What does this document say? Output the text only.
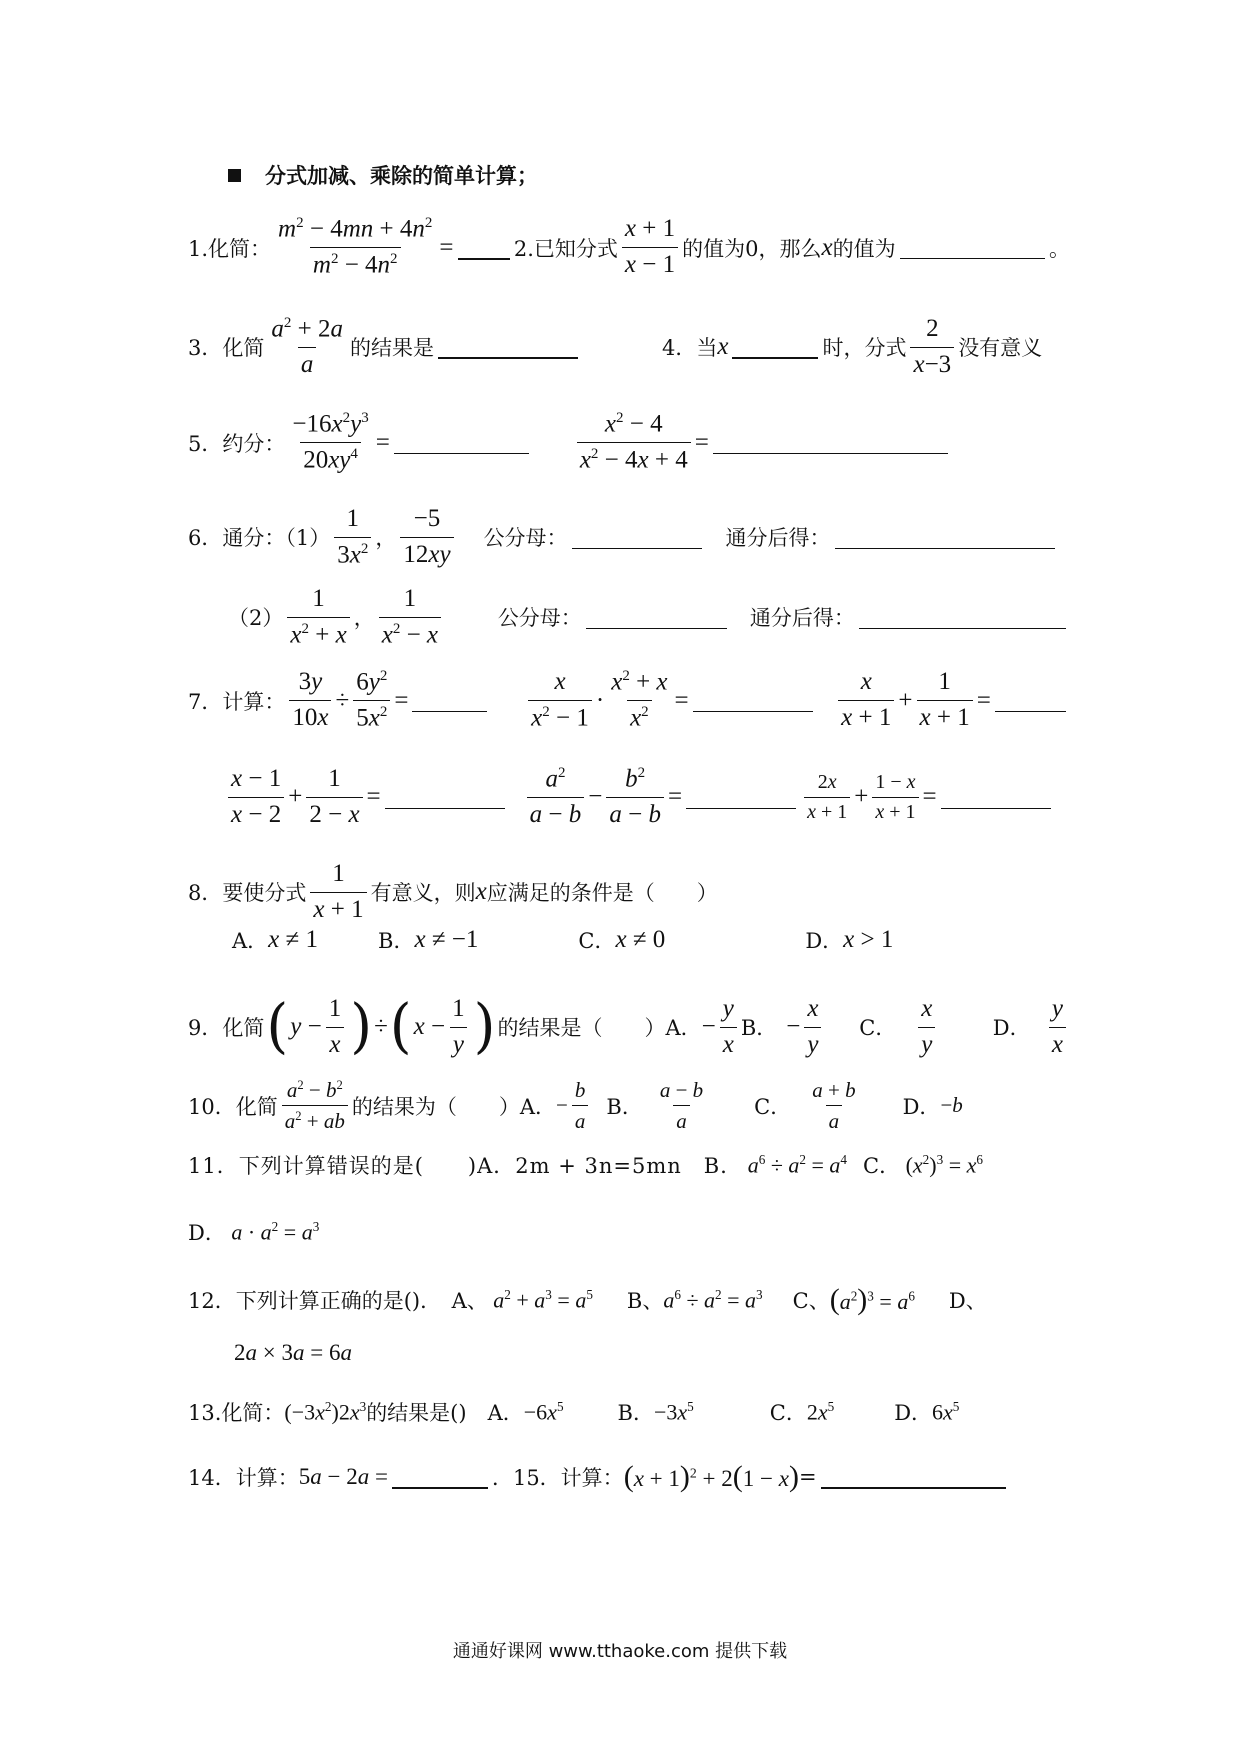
分式加减、乘除的简单计算；
1.化简： $\frac{m^2 - 4mn + 4n^2}{m^2 - 4n^2}$ =	2.已知分式 $\frac{x + 1}{x - 1}$ 的值为0，那么 x 的值为	。
3．化简 $\frac{a^2 + 2a}{a}$ 的结果是	4．当 x	时，分式 $\frac{2}{x-3}$ 没有意义
5．约分： $\frac{-16x^2y^3}{20xy^4}$ =	$\frac{x^2 - 4}{x^2 - 4x + 4}$ =
6．通分：$(1) \frac{1}{3x^2}$ ， $\frac{-5}{12xy}$ 公分母：	通分后得：
$(2) \frac{1}{x^2 + x}$ ， $\frac{1}{x^2 - x}$	公分母：	通分后得：
7．计算： $\frac{3y}{10x} \div \frac{6y^2}{5x^2}$ =	$\frac{x}{x^2 - 1} \cdot \frac{x^2 + x}{x^2}$ =	$\frac{x}{x + 1} + \frac{1}{x + 1}$ =
$\frac{x - 1}{x - 2} + \frac{1}{2 - x}$ =	$\frac{a^2}{a - b} - \frac{b^2}{a - b}$ =	$\frac{2x}{x + 1} + \frac{1 - x}{x + 1}$ =
8．要使分式 $\frac{1}{x + 1}$ 有意义，则 x 应满足的条件是（　　）
A． x ≠ 1	B． x ≠ −1	C． x ≠ 0	D． x > 1
9．化简 ( $y - \frac{1}{x}$ ) ÷ ( $x - \frac{1}{y}$ ) 的结果是（　　）A． − $\frac{y}{x}$ B． − $\frac{x}{y}$ C． $\frac{x}{y}$	D． $\frac{y}{x}$
10．化简 $\frac{a^2 - b^2}{a^2 + ab}$ 的结果为（　　）A． − $\frac{b}{a}$ B． $\frac{a - b}{a}$ C． $\frac{a + b}{a}$ D． −b
11．下列计算错误的是(　　)A．2m + 3n=5mn　B． $a^6 \div a^2 = a^4$ C． $(x^2)^3 = x^6$
D． $a \cdot a^2 = a^3$
12．下列计算正确的是()．　A、 $a^2 + a^3 = a^5$ B、 $a^6 \div a^2 = a^3$ C、 $(a^2)^3 = a^6$ D、
2a × 3a = 6a
13.化简： $(-3x^2)2x^3$ 的结果是()　A． $-6x^5$	B． $-3x^5$	C． $2x^5$	D． $6x^5$
14．计算： 5a − 2a =	．15．计算： $(x + 1)^2 + 2(1 - x)$ =
通通好课网 www.tthaoke.com 提供下载
